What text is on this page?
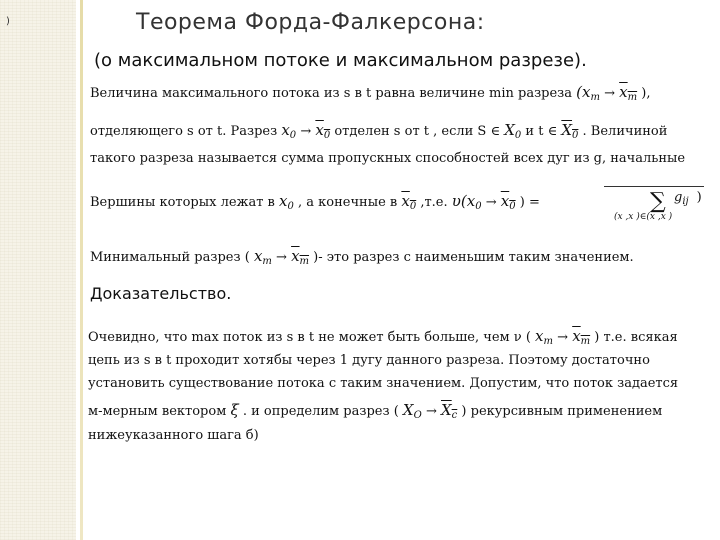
)	Теорема Форда-Фалкерсона:
(о максимальном потоке и максимальном разрезе).
Величина максимального потока из s в t равна величине min разреза ($x_m \to x_m$ ),
отделяющего s от t. Разрез $x_0 \to x_0$ отделен s от t , если S ∈ $X_0$ и t ∈ $X_0$ . Величиной
такого разреза называется сумма пропускных способностей всех дуг из g, начальные
Вершины которых лежат в $x_0$ , а конечные в $x_0$ ,т.е. $\upsilon(x_0 \to x_0$ ) =	∑ $g_{ij}$ )
(x ,x )∈(x ,x )
Минимальный разрез ( $x_m \to x_m$ )- это разрез с наименьшим таким значением.
Доказательство.
Очевидно, что max поток из s в t не может быть больше, чем ν ( $x_m \to x_m$ ) т.е. всякая
цепь из s в t проходит хотябы через 1 дугу данного разреза. Поэтому достаточно
установить существование потока с таким значением. Допустим, что поток задается
м-мерным вектором ξ . и определим разрез ( $X_O \to X_c$ ) рекурсивным применением
нижеуказанного шага б)
